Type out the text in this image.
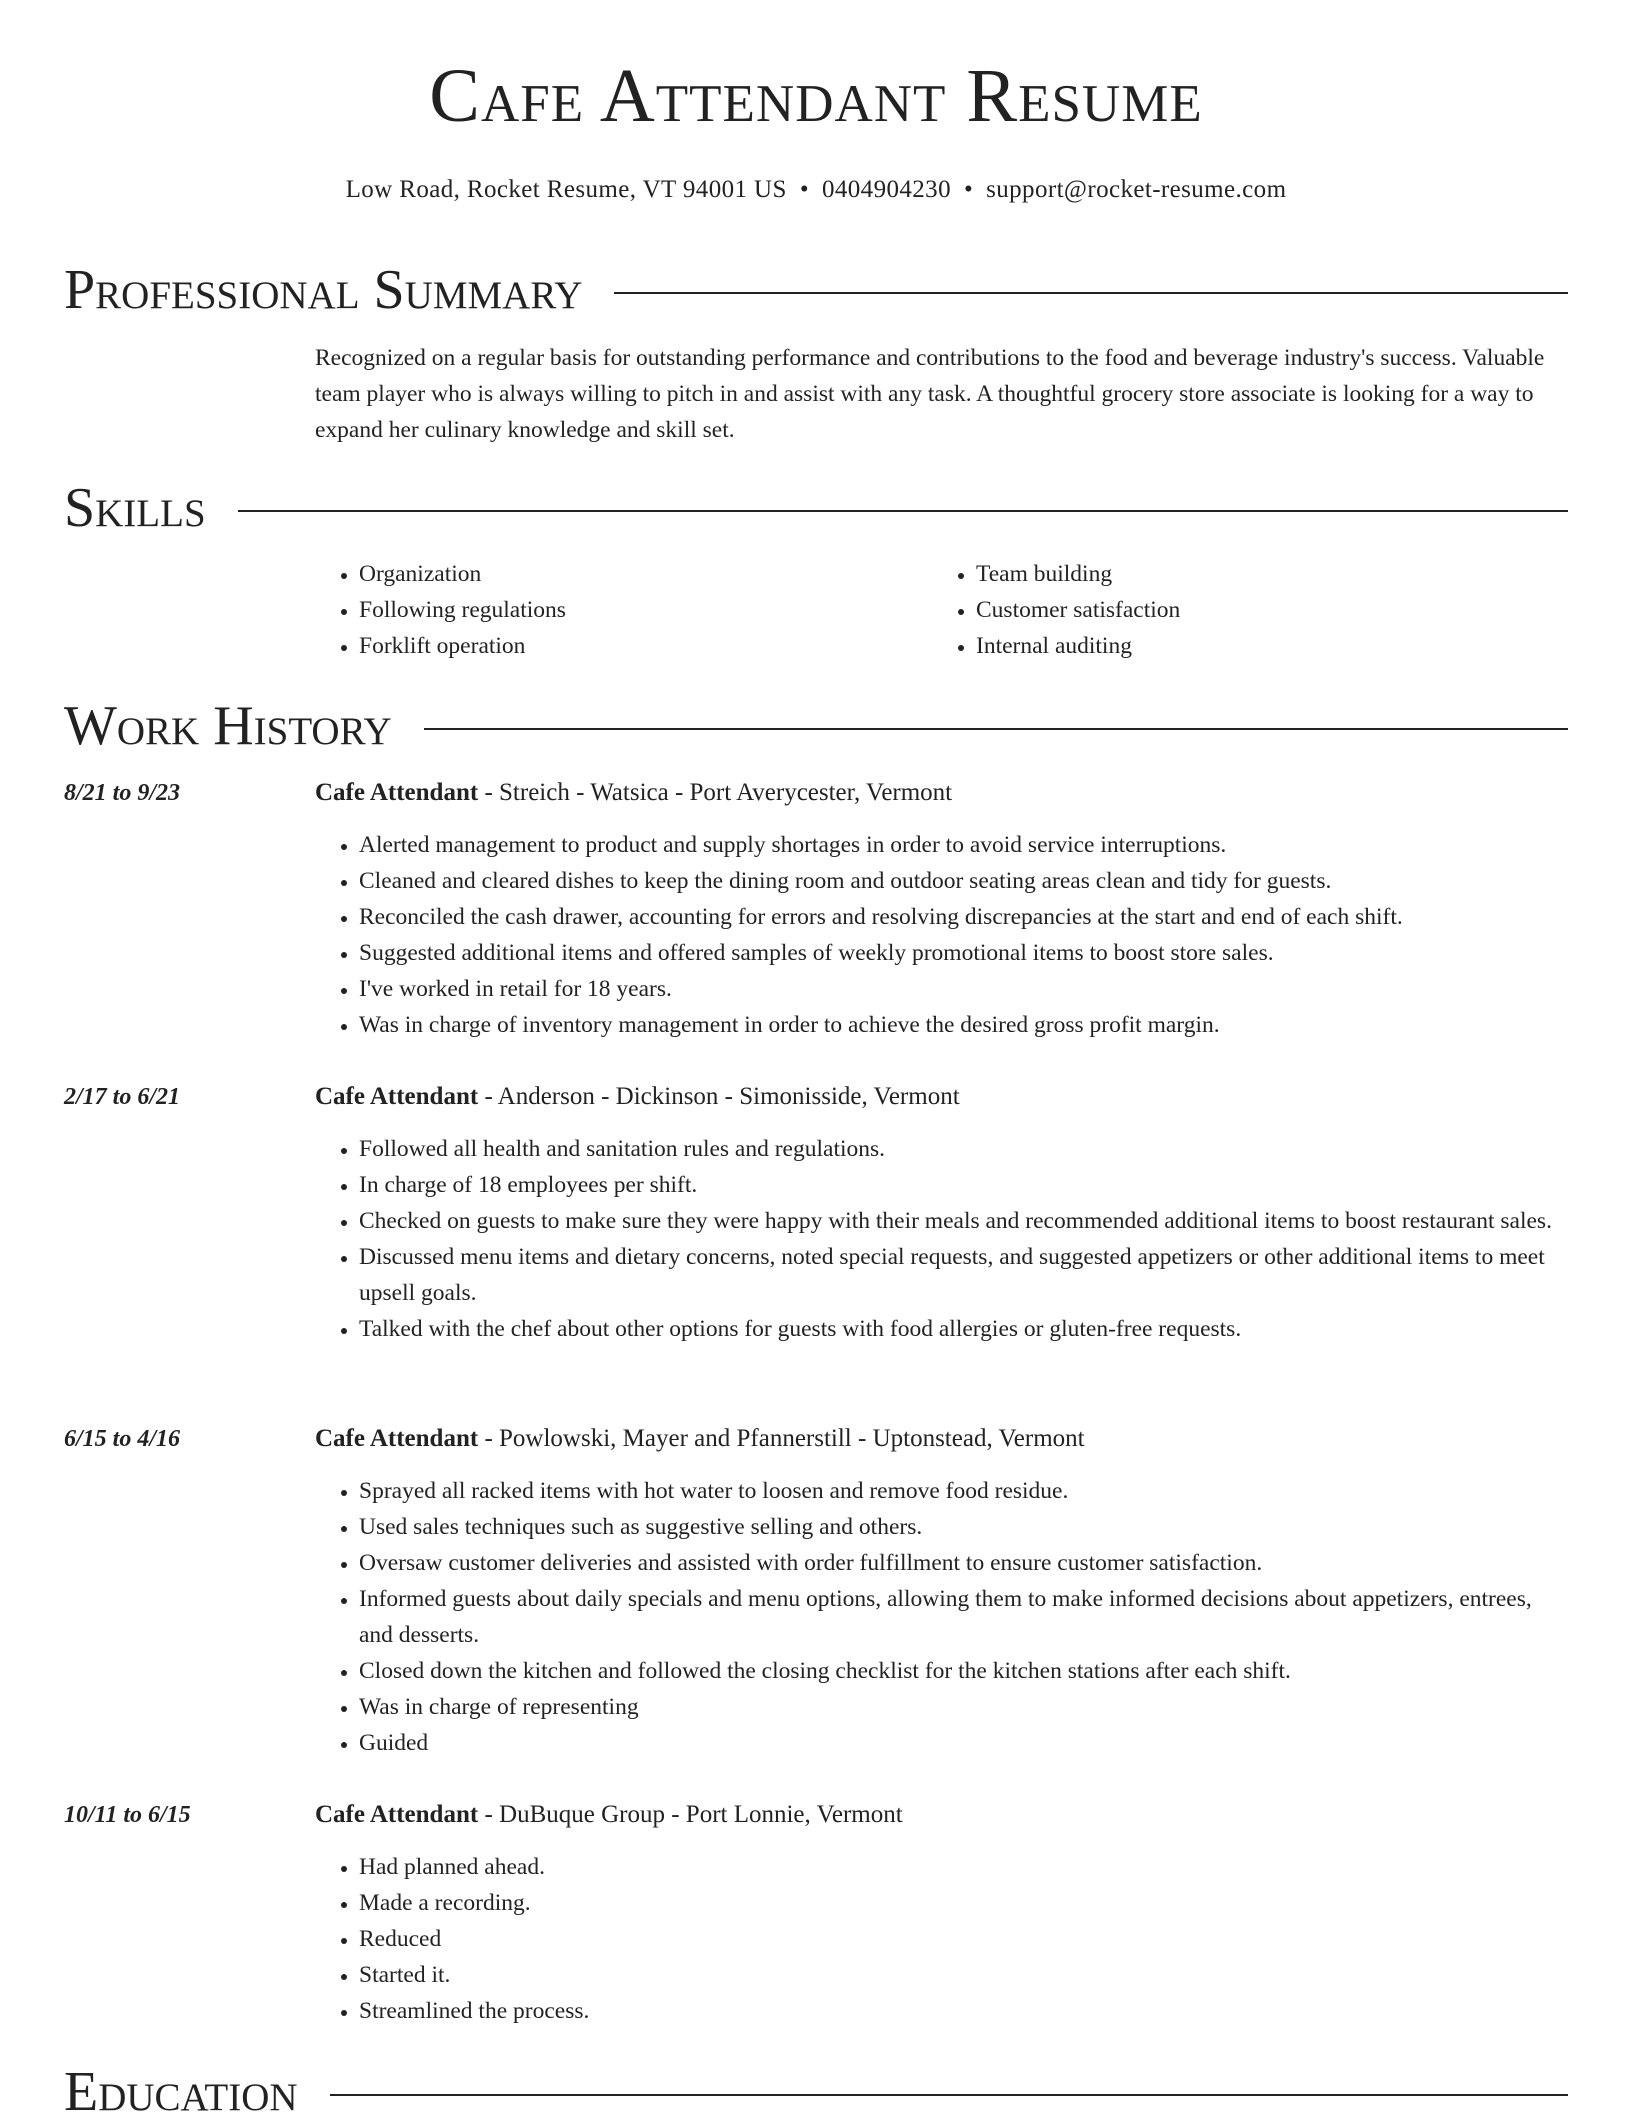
Cafe Attendant Resume
Low Road, Rocket Resume, VT 94001 US • 0404904230 • support@rocket-resume.com
Professional Summary
Recognized on a regular basis for outstanding performance and contributions to the food and beverage industry's success. Valuable team player who is always willing to pitch in and assist with any task. A thoughtful grocery store associate is looking for a way to expand her culinary knowledge and skill set.
Skills
• Organization
• Following regulations
• Forklift operation
• Team building
• Customer satisfaction
• Internal auditing
Work History
8/21 to 9/23	Cafe Attendant - Streich - Watsica - Port Averycester, Vermont
• Alerted management to product and supply shortages in order to avoid service interruptions.
• Cleaned and cleared dishes to keep the dining room and outdoor seating areas clean and tidy for guests.
• Reconciled the cash drawer, accounting for errors and resolving discrepancies at the start and end of each shift.
• Suggested additional items and offered samples of weekly promotional items to boost store sales.
• I've worked in retail for 18 years.
• Was in charge of inventory management in order to achieve the desired gross profit margin.
2/17 to 6/21	Cafe Attendant - Anderson - Dickinson - Simonisside, Vermont
• Followed all health and sanitation rules and regulations.
• In charge of 18 employees per shift.
• Checked on guests to make sure they were happy with their meals and recommended additional items to boost restaurant sales.
• Discussed menu items and dietary concerns, noted special requests, and suggested appetizers or other additional items to meet upsell goals.
• Talked with the chef about other options for guests with food allergies or gluten-free requests.
6/15 to 4/16	Cafe Attendant - Powlowski, Mayer and Pfannerstill - Uptonstead, Vermont
• Sprayed all racked items with hot water to loosen and remove food residue.
• Used sales techniques such as suggestive selling and others.
• Oversaw customer deliveries and assisted with order fulfillment to ensure customer satisfaction.
• Informed guests about daily specials and menu options, allowing them to make informed decisions about appetizers, entrees, and desserts.
• Closed down the kitchen and followed the closing checklist for the kitchen stations after each shift.
• Was in charge of representing
• Guided
10/11 to 6/15	Cafe Attendant - DuBuque Group - Port Lonnie, Vermont
• Had planned ahead.
• Made a recording.
• Reduced
• Started it.
• Streamlined the process.
Education
